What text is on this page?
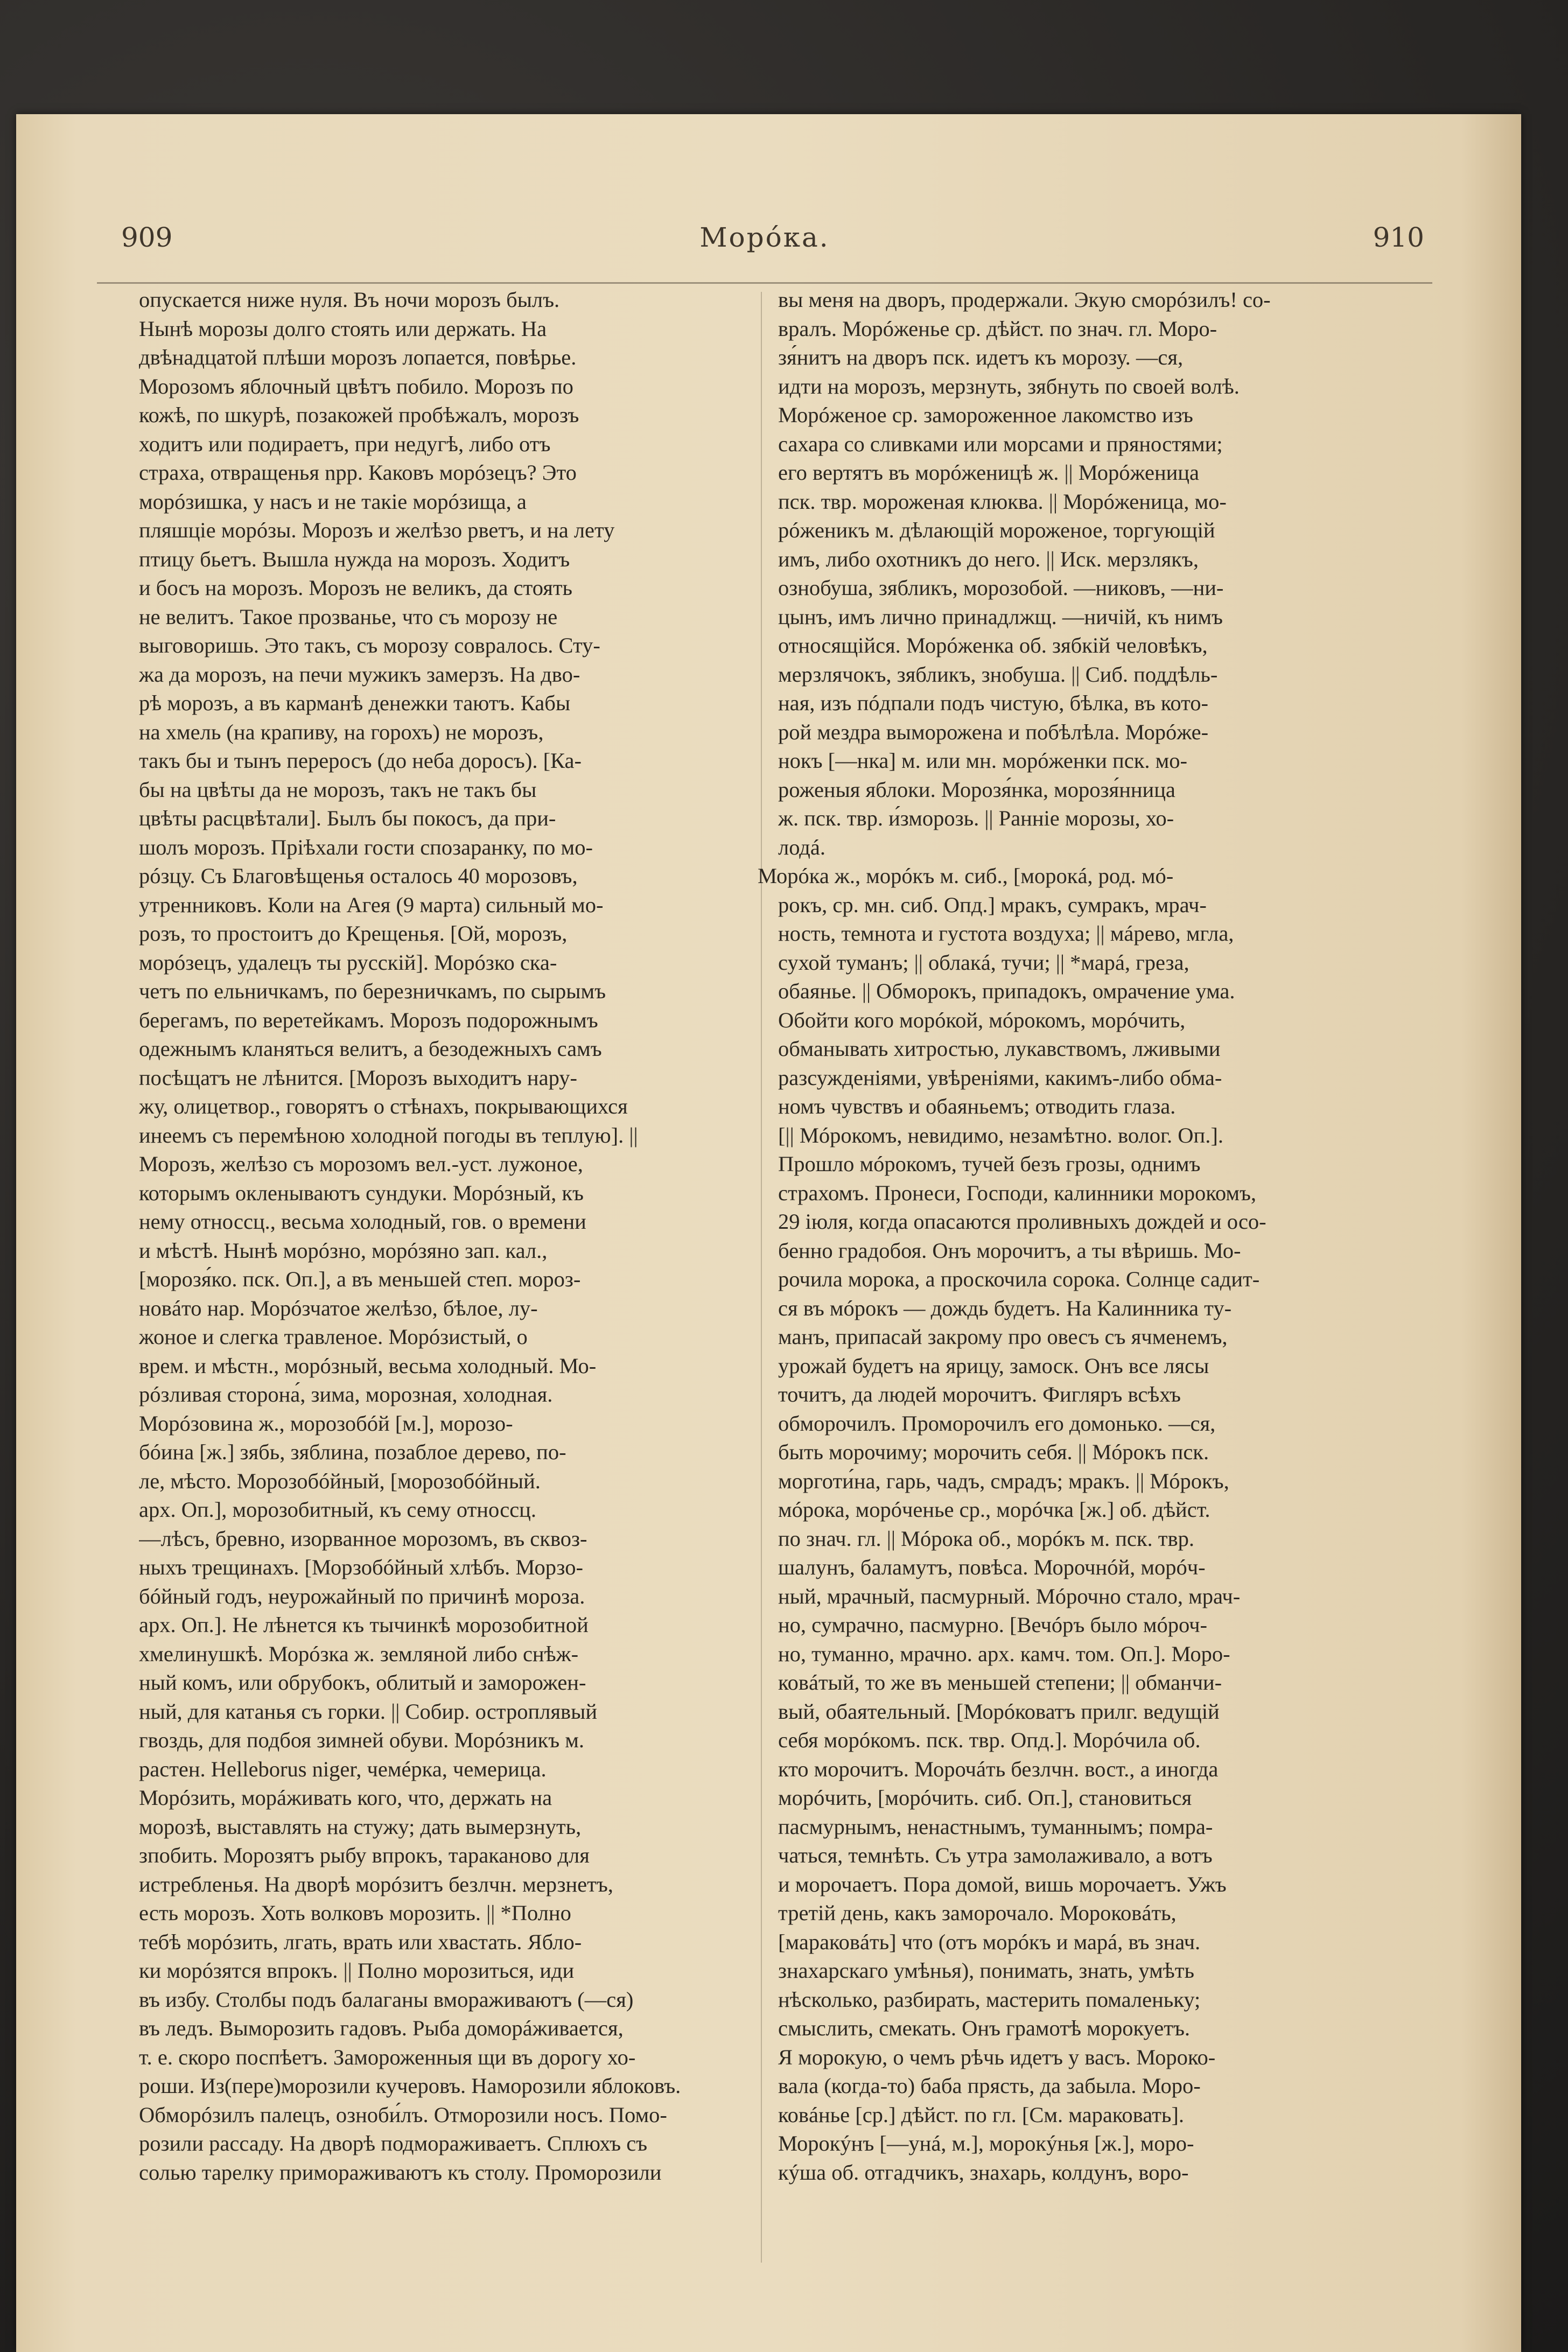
909	Морóка.	910
опускается ниже нуля. Въ ночи морозъ былъ.
Нынѣ морозы долго стоять или держать. На
двѣнадцатой плѣши морозъ лопается, повѣрье.
Морозомъ яблочный цвѣтъ побило. Морозъ по
кожѣ, по шкурѣ, позакожей пробѣжалъ, морозъ
ходитъ или подираетъ, при недугѣ, либо отъ
страха, отвращенья npp. Каковъ морóзецъ? Это
морóзишка, у насъ и не такіе морóзища, а
пляшціе морóзы. Морозъ и желѣзо рветъ, и на лету
птицу бьетъ. Вышла нужда на морозъ. Ходитъ
и босъ на морозъ. Морозъ не великъ, да стоять
не велитъ. Такое прозванье, что съ морозу не
выговоришь. Это такъ, съ морозу совралось. Сту-
жа да морозъ, на печи мужикъ замерзъ. На дво-
рѣ морозъ, а въ карманѣ денежки таютъ. Кабы
на хмель (на крапиву, на горохъ) не морозъ,
такъ бы и тынъ переросъ (до неба доросъ). [Ка-
бы на цвѣты да не морозъ, такъ не такъ бы
цвѣты расцвѣтали]. Былъ бы покосъ, да при-
шолъ морозъ. Пріѣхали гости спозаранку, по мо-
рóзцу. Съ Благовѣщенья осталось 40 морозовъ,
утренниковъ. Коли на Агея (9 марта) сильный мо-
розъ, то простоитъ до Крещенья. [Ой, морозъ,
морóзецъ, удалецъ ты русскій]. Морóзко ска-
четъ по ельничкамъ, по березничкамъ, по сырымъ
берегамъ, по веретейкамъ. Морозъ подорожнымъ
одежнымъ кланяться велитъ, а безодежныхъ самъ
посѣщатъ не лѣнится. [Морозъ выходитъ нару-
жу, олицетвор., говорятъ о стѣнахъ, покрывающихся
инеемъ съ перемѣною холодной погоды въ теплую]. ||
Морозъ, желѣзо съ морозомъ вел.-уст. лужоное,
которымъ окленываютъ сундуки. Морóзный, къ
нему относсц., весьма холодный, гов. о времени
и мѣстѣ. Нынѣ морóзно, морóзяно зап. кал.,
[морозя́ко. пск. Оп.], а въ меньшей степ. мороз-
новáто нар. Морóзчатое желѣзо, бѣлое, лу-
жоное и слегка травленое. Морóзистый, о
врем. и мѣстн., морóзный, весьма холодный. Мо-
рóзливая сторона́, зима, морозная, холодная.
Морóзовина ж., морозобóй [м.], морозо-
бóина [ж.] зябь, зяблина, позаблое дерево, по-
ле, мѣсто. Морозобóйный, [морозобóйный.
арх. Оп.], морозобитный, къ сему относсц.
—лѣсъ, бревно, изорванное морозомъ, въ сквоз-
ныхъ трещинахъ. [Морзобóйный хлѣбъ. Морзо-
бóйный годъ, неурожайный по причинѣ мороза.
арх. Оп.]. Не лѣнется къ тычинкѣ морозобитной
хмелинушкѣ. Морóзка ж. земляной либо снѣж-
ный комъ, или обрубокъ, облитый и заморожен-
ный, для катанья съ горки. || Собир. остроплявый
гвоздь, для подбоя зимней обуви. Морóзникъ м.
растен. Helleborus niger, чемéрка, чемерица.
Морóзить, морáживать кого, что, держать на
морозѣ, выставлять на стужу; дать вымерзнуть,
зпобить. Морозятъ рыбу впрокъ, тараканово для
истребленья. На дворѣ морóзитъ безлчн. мерзнетъ,
есть морозъ. Хоть волковъ морозить. || *Полно
тебѣ морóзить, лгать, врать или хвастать. Ябло-
ки морóзятся впрокъ. || Полно морозиться, иди
въ избу. Столбы подъ балаганы вмораживаютъ (—ся)
въ ледъ. Выморозить гадовъ. Рыба доморáживается,
т. е. скоро поспѣетъ. Замороженныя щи въ дорогу хо-
роши. Из(пере)морозили кучеровъ. Наморозили яблоковъ.
Обморóзилъ палецъ, озноби́лъ. Отморозили носъ. Помо-
розили рассаду. На дворѣ подмораживаетъ. Сплюхъ съ
солью тарелку примораживаютъ къ столу. Проморозили
вы меня на дворъ, продержали. Экую сморóзилъ! со-
вралъ. Морóженье ср. дѣйст. по знач. гл. Моро-
зя́нитъ на дворъ пск. идетъ къ морозу. —ся,
идти на морозъ, мерзнуть, зябнуть по своей волѣ.
Морóженое ср. замороженное лакомство изъ
сахара со сливками или морсами и пряностями;
его вертятъ въ морóженицѣ ж. || Морóженица
пск. твр. мороженая клюква. || Морóженица, мо-
рóженикъ м. дѣлающій мороженое, торгующій
имъ, либо охотникъ до него. || Иск. мерзлякъ,
ознобуша, зябликъ, морозобой. —никовъ, —ни-
цынъ, имъ лично принадлжщ. —ничій, къ нимъ
относящійся. Морóженка об. зябкій человѣкъ,
мерзлячокъ, зябликъ, знобуша. || Сиб. поддѣль-
ная, изъ пóдпали подъ чистую, бѣлка, въ кото-
рой мездра выморожена и побѣлѣла. Морóже-
нокъ [—нка] м. или мн. морóженки пск. мо-
роженыя яблоки. Морозя́нка, морозя́нница
ж. пск. твр. и́зморозь. || Ранніе морозы, хо-
лодá.
Морóка ж., морóкъ м. сиб., [морокá, род. мó-
рокъ, ср. мн. сиб. Опд.] мракъ, сумракъ, мрач-
ность, темнота и густота воздуха; || мáрево, мгла,
сухой туманъ; || облакá, тучи; || *марá, греза,
обаянье. || Обморокъ, припадокъ, омрачение ума.
Обойти кого морóкой, мóрокомъ, морóчить,
обманывать хитростью, лукавствомъ, лживыми
разсужденіями, увѣреніями, какимъ-либо обма-
номъ чувствъ и обаяньемъ; отводить глаза.
[|| Мóрокомъ, невидимо, незамѣтно. волог. Оп.].
Прошло мóрокомъ, тучей безъ грозы, однимъ
страхомъ. Пронеси, Господи, калинники морокомъ,
29 іюля, когда опасаются проливныхъ дождей и осо-
бенно градобоя. Онъ морочитъ, а ты вѣришь. Мо-
рочила морока, а проскочила сорока. Солнце садит-
ся въ мóрокъ — дождь будетъ. На Калинника ту-
манъ, припасай закрому про овесъ съ ячменемъ,
урожай будетъ на ярицу, замоск. Онъ все лясы
точитъ, да людей морочитъ. Фигляръ всѣхъ
обморочилъ. Проморочилъ его домонько. —ся,
быть морочиму; морочить себя. || Мóрокъ пск.
морготи́на, гарь, чадъ, смрадъ; мракъ. || Мóрокъ,
мóрока, морóченье ср., морóчка [ж.] об. дѣйст.
по знач. гл. || Мóрока об., морóкъ м. пск. твр.
шалунъ, баламутъ, повѣса. Морочнóй, морóч-
ный, мрачный, пасмурный. Мóрочно стало, мрач-
но, сумрачно, пасмурно. [Вечóръ было мóроч-
но, туманно, мрачно. арх. камч. том. Оп.]. Моро-
ковáтый, то же въ меньшей степени; || обманчи-
вый, обаятельный. [Морóковатъ прилг. ведущій
себя морóкомъ. пск. твр. Опд.]. Морóчила об.
кто морочитъ. Морочáть безлчн. вост., а иногда
морóчить, [морóчить. сиб. Оп.], становиться
пасмурнымъ, ненастнымъ, туманнымъ; помра-
чаться, темнѣть. Съ утра замолаживало, а вотъ
и морочаетъ. Пора домой, вишь морочаетъ. Ужъ
третій день, какъ заморочало. Мороковáть,
[мараковáть] что (отъ морóкъ и марá, въ знач.
знахарскаго умѣнья), понимать, знать, умѣть
нѣсколько, разбирать, мастерить помаленьку;
смыслить, смекать. Онъ грамотѣ морокуетъ.
Я морокую, о чемъ рѣчь идетъ у васъ. Мороко-
вала (когда-то) баба прясть, да забыла. Моро-
ковáнье [ср.] дѣйст. по гл. [См. мараковать].
Морокýнъ [—унá, м.], морокýнья [ж.], моро-
кýша об. отгадчикъ, знахарь, колдунъ, воро-
